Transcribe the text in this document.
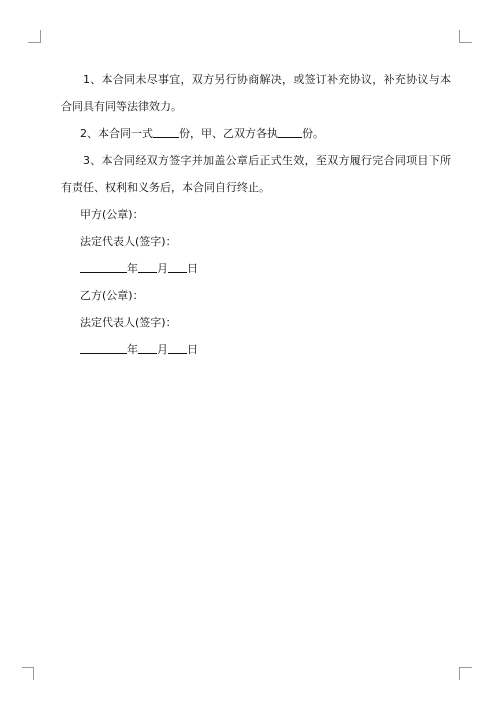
1、本合同未尽事宜，双方另行协商解决，或签订补充协议，补充协议与本合同具有同等法律效力。

2、本合同一式 份，甲、乙双方各执 份。

3、本合同经双方签字并加盖公章后正式生效，至双方履行完合同项目下所有责任、权利和义务后，本合同自行终止。

甲方(公章)：

法定代表人(签字)：

年 月 日

乙方(公章)：

法定代表人(签字)：

年 月 日
